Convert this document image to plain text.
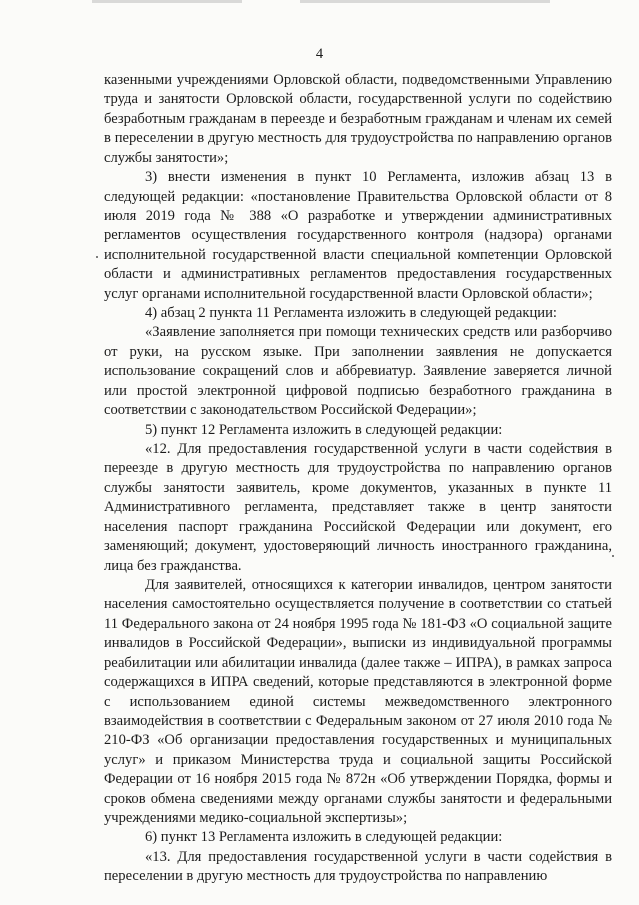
4

казенными учреждениями Орловской области, подведомственными Управлению труда и занятости Орловской области, государственной услуги по содействию безработным гражданам в переезде и безработным гражданам и членам их семей в переселении в другую местность для трудоустройства по направлению органов службы занятости»;

3) внести изменения в пункт 10 Регламента, изложив абзац 13 в следующей редакции: «постановление Правительства Орловской области от 8 июля 2019 года № 388 «О разработке и утверждении административных регламентов осуществления государственного контроля (надзора) органами исполнительной государственной власти специальной компетенции Орловской области и административных регламентов предоставления государственных услуг органами исполнительной государственной власти Орловской области»;

4) абзац 2 пункта 11 Регламента изложить в следующей редакции:

«Заявление заполняется при помощи технических средств или разборчиво от руки, на русском языке. При заполнении заявления не допускается использование сокращений слов и аббревиатур. Заявление заверяется личной или простой электронной цифровой подписью безработного гражданина в соответствии с законодательством Российской Федерации»;

5) пункт 12 Регламента изложить в следующей редакции:

«12. Для предоставления государственной услуги в части содействия в переезде в другую местность для трудоустройства по направлению органов службы занятости заявитель, кроме документов, указанных в пункте 11 Административного регламента, представляет также в центр занятости населения паспорт гражданина Российской Федерации или документ, его заменяющий; документ, удостоверяющий личность иностранного гражданина, лица без гражданства.

Для заявителей, относящихся к категории инвалидов, центром занятости населения самостоятельно осуществляется получение в соответствии со статьей 11 Федерального закона от 24 ноября 1995 года № 181-ФЗ «О социальной защите инвалидов в Российской Федерации», выписки из индивидуальной программы реабилитации или абилитации инвалида (далее также – ИПРА), в рамках запроса содержащихся в ИПРА сведений, которые представляются в электронной форме с использованием единой системы межведомственного электронного взаимодействия в соответствии с Федеральным законом от 27 июля 2010 года № 210-ФЗ «Об организации предоставления государственных и муниципальных услуг» и приказом Министерства труда и социальной защиты Российской Федерации от 16 ноября 2015 года № 872н «Об утверждении Порядка, формы и сроков обмена сведениями между органами службы занятости и федеральными учреждениями медико-социальной экспертизы»;

6) пункт 13 Регламента изложить в следующей редакции:

«13. Для предоставления государственной услуги в части содействия в переселении в другую местность для трудоустройства по направлению
